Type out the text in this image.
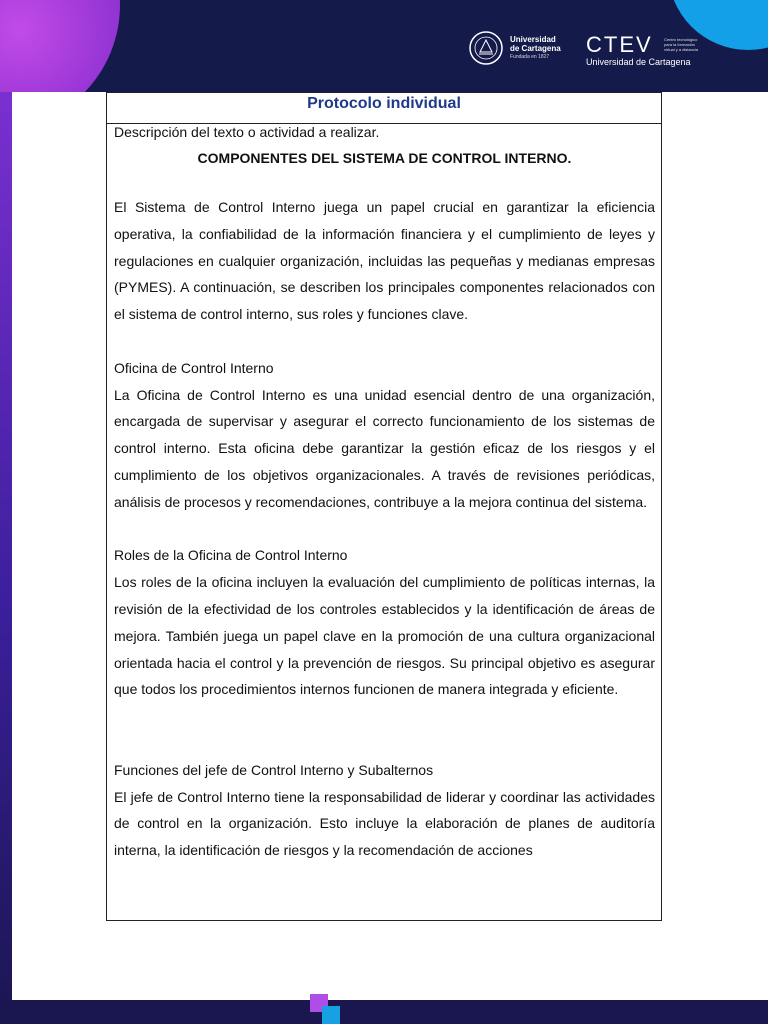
Universidad
de Cartagena
Fundada en 1827	CTEV	Centro tecnológico para la formación virtual y a distancia
Universidad de Cartagena
Protocolo individual

Descripción del texto o actividad a realizar.

COMPONENTES DEL SISTEMA DE CONTROL INTERNO.

El Sistema de Control Interno juega un papel crucial en garantizar la eficiencia operativa, la confiabilidad de la información financiera y el cumplimiento de leyes y regulaciones en cualquier organización, incluidas las pequeñas y medianas empresas (PYMES). A continuación, se describen los principales componentes relacionados con el sistema de control interno, sus roles y funciones clave.

Oficina de Control Interno

La Oficina de Control Interno es una unidad esencial dentro de una organización, encargada de supervisar y asegurar el correcto funcionamiento de los sistemas de control interno. Esta oficina debe garantizar la gestión eficaz de los riesgos y el cumplimiento de los objetivos organizacionales. A través de revisiones periódicas, análisis de procesos y recomendaciones, contribuye a la mejora continua del sistema.

Roles de la Oficina de Control Interno

Los roles de la oficina incluyen la evaluación del cumplimiento de políticas internas, la revisión de la efectividad de los controles establecidos y la identificación de áreas de mejora. También juega un papel clave en la promoción de una cultura organizacional orientada hacia el control y la prevención de riesgos. Su principal objetivo es asegurar que todos los procedimientos internos funcionen de manera integrada y eficiente.

Funciones del jefe de Control Interno y Subalternos

El jefe de Control Interno tiene la responsabilidad de liderar y coordinar las actividades de control en la organización. Esto incluye la elaboración de planes de auditoría interna, la identificación de riesgos y la recomendación de acciones
